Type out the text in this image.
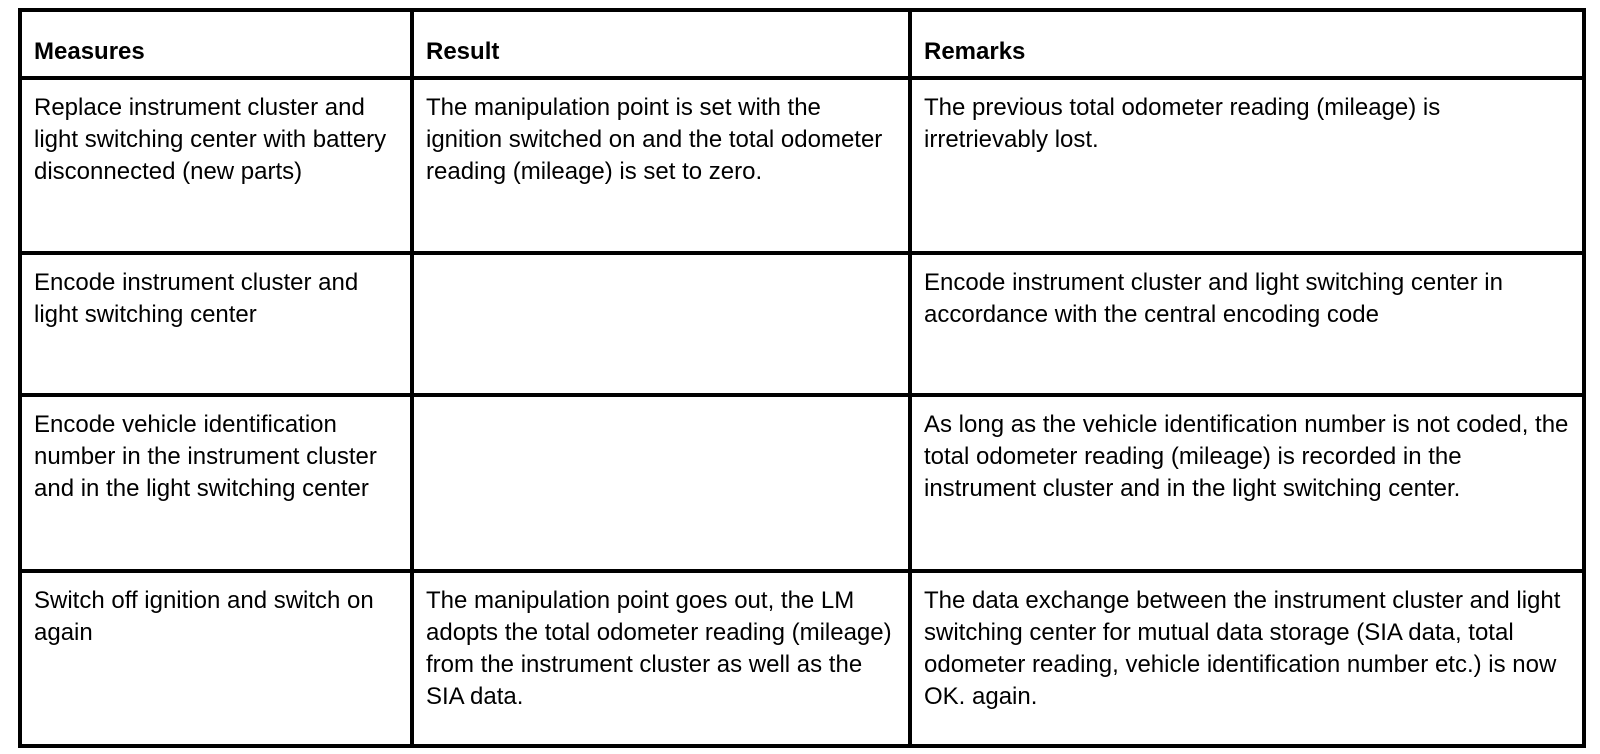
Measures	Result	Remarks
Replace instrument cluster and light switching center with battery disconnected (new parts)	The manipulation point is set with the ignition switched on and the total odometer reading (mileage) is set to zero.	The previous total odometer reading (mileage) is irretrievably lost.
Encode instrument cluster and light switching center		Encode instrument cluster and light switching center in accordance with the central encoding code
Encode vehicle identification number in the instrument cluster and in the light switching center		As long as the vehicle identification number is not coded, the total odometer reading (mileage) is recorded in the instrument cluster and in the light switching center.
Switch off ignition and switch on again	The manipulation point goes out, the LM adopts the total odometer reading (mileage) from the instrument cluster as well as the SIA data.	The data exchange between the instrument cluster and light switching center for mutual data storage (SIA data, total odometer reading, vehicle identification number etc.) is now OK. again.
